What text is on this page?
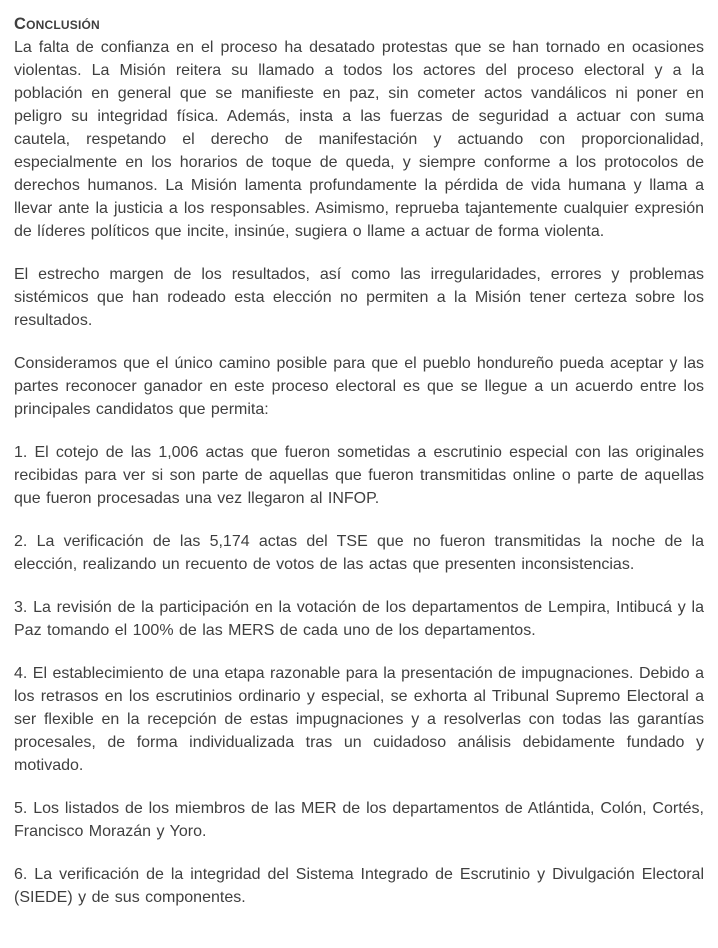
Conclusión

La falta de confianza en el proceso ha desatado protestas que se han tornado en ocasiones violentas. La Misión reitera su llamado a todos los actores del proceso electoral y a la población en general que se manifieste en paz, sin cometer actos vandálicos ni poner en peligro su integridad física. Además, insta a las fuerzas de seguridad a actuar con suma cautela, respetando el derecho de manifestación y actuando con proporcionalidad, especialmente en los horarios de toque de queda, y siempre conforme a los protocolos de derechos humanos. La Misión lamenta profundamente la pérdida de vida humana y llama a llevar ante la justicia a los responsables. Asimismo, reprueba tajantemente cualquier expresión de líderes políticos que incite, insinúe, sugiera o llame a actuar de forma violenta.

El estrecho margen de los resultados, así como las irregularidades, errores y problemas sistémicos que han rodeado esta elección no permiten a la Misión tener certeza sobre los resultados.

Consideramos que el único camino posible para que el pueblo hondureño pueda aceptar y las partes reconocer ganador en este proceso electoral es que se llegue a un acuerdo entre los principales candidatos que permita:

1. El cotejo de las 1,006 actas que fueron sometidas a escrutinio especial con las originales recibidas para ver si son parte de aquellas que fueron transmitidas online o parte de aquellas que fueron procesadas una vez llegaron al INFOP.

2. La verificación de las 5,174 actas del TSE que no fueron transmitidas la noche de la elección, realizando un recuento de votos de las actas que presenten inconsistencias.

3. La revisión de la participación en la votación de los departamentos de Lempira, Intibucá y la Paz tomando el 100% de las MERS de cada uno de los departamentos.

4. El establecimiento de una etapa razonable para la presentación de impugnaciones. Debido a los retrasos en los escrutinios ordinario y especial, se exhorta al Tribunal Supremo Electoral a ser flexible en la recepción de estas impugnaciones y a resolverlas con todas las garantías procesales, de forma individualizada tras un cuidadoso análisis debidamente fundado y motivado.

5. Los listados de los miembros de las MER de los departamentos de Atlántida, Colón, Cortés, Francisco Morazán y Yoro.

6. La verificación de la integridad del Sistema Integrado de Escrutinio y Divulgación Electoral (SIEDE) y de sus componentes.
